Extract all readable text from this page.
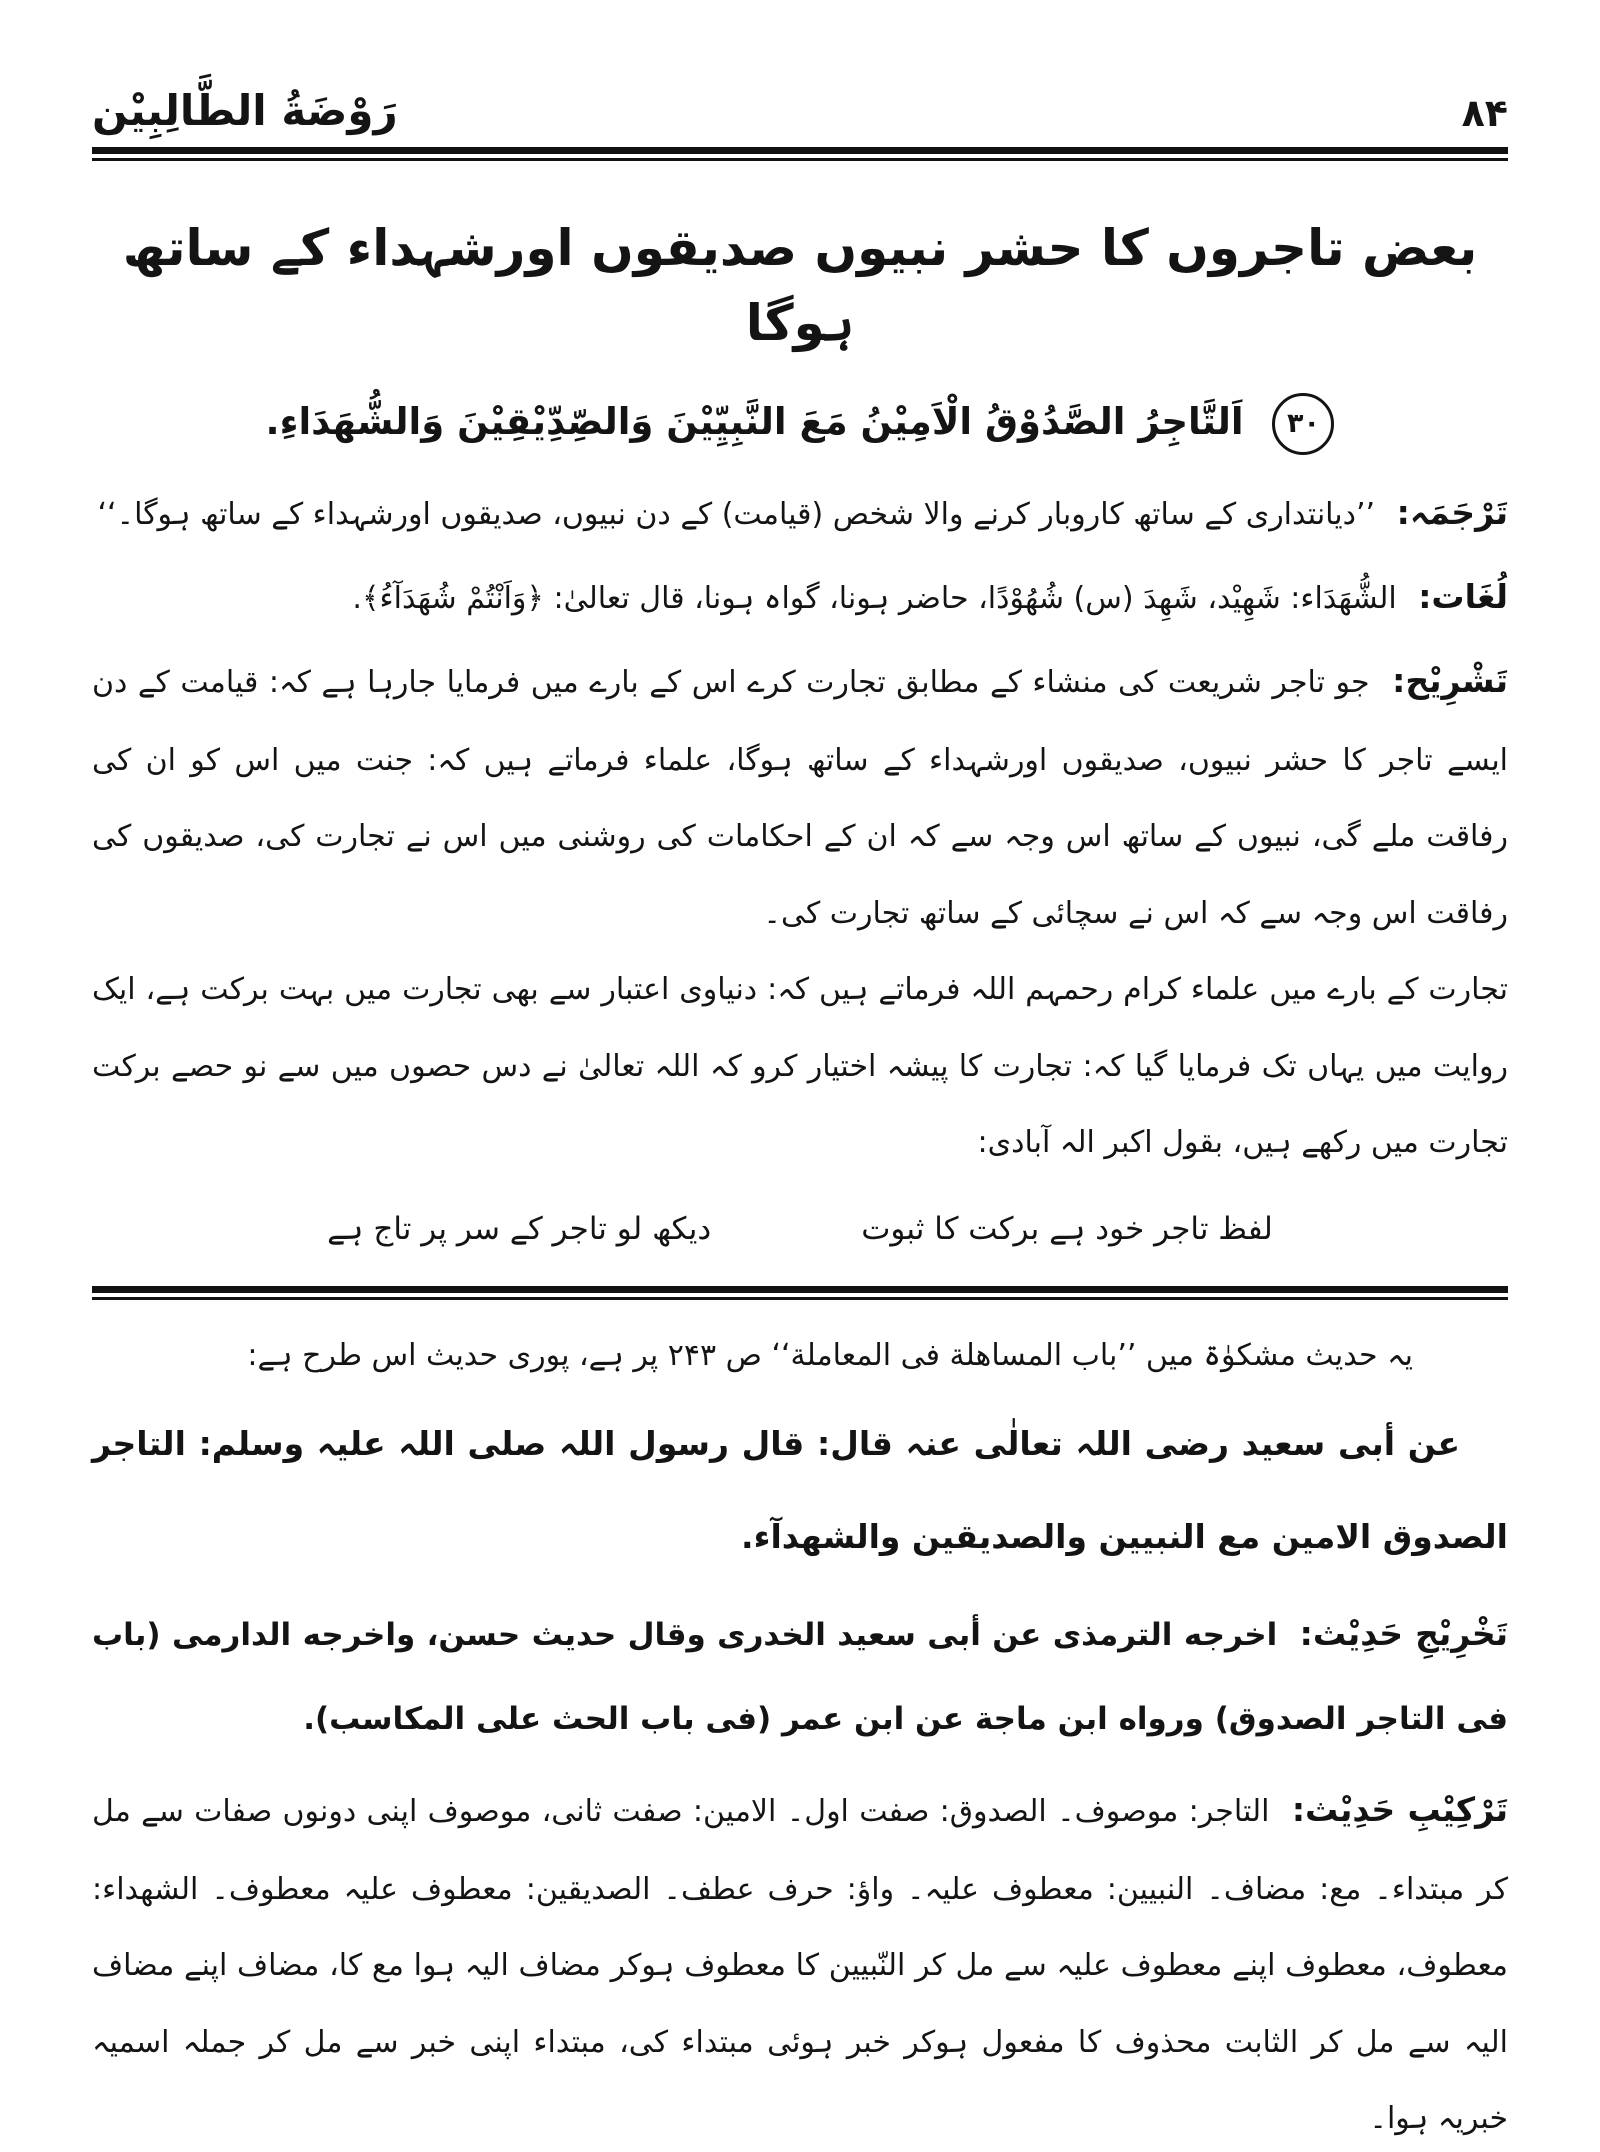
۸۴
رَوْضَةُ الطَّالِبِيْن
بعض تاجروں کا حشر نبیوں صدیقوں اورشہداء کے ساتھ ہوگا
۳۰ اَلتَّاجِرُ الصَّدُوْقُ الْاَمِيْنُ مَعَ النَّبِيِّيْنَ وَالصِّدِّيْقِيْنَ وَالشُّهَدَاءِ.

تَرْجَمَہ: ’’دیانتداری کے ساتھ کاروبار کرنے والا شخص (قیامت) کے دن نبیوں، صدیقوں اورشہداء کے ساتھ ہوگا۔‘‘

لُغَات: الشُّهَدَاء: شَهِيْد، شَهِدَ (س) شُهُوْدًا، حاضر ہونا، گواہ ہونا، قال تعالیٰ: ﴿وَاَنْتُمْ شُهَدَآءُ﴾.

تَشْرِيْح: جو تاجر شریعت کی منشاء کے مطابق تجارت کرے اس کے بارے میں فرمایا جارہا ہے کہ: قیامت کے دن ایسے تاجر کا حشر نبیوں، صدیقوں اورشہداء کے ساتھ ہوگا، علماء فرماتے ہیں کہ: جنت میں اس کو ان کی رفاقت ملے گی، نبیوں کے ساتھ اس وجہ سے کہ ان کے احکامات کی روشنی میں اس نے تجارت کی، صدیقوں کی رفاقت اس وجہ سے کہ اس نے سچائی کے ساتھ تجارت کی۔

تجارت کے بارے میں علماء کرام رحمہم اللہ فرماتے ہیں کہ: دنیاوی اعتبار سے بھی تجارت میں بہت برکت ہے، ایک روایت میں یہاں تک فرمایا گیا کہ: تجارت کا پیشہ اختیار کرو کہ اللہ تعالیٰ نے دس حصوں میں سے نو حصے برکت تجارت میں رکھے ہیں، بقول اکبر الہ آبادی:

لفظ تاجر خود ہے برکت کا ثبوت
دیکھ لو تاجر کے سر پر تاج ہے

یہ حدیث مشکوٰۃ میں ’’باب المساهلة فی المعاملة‘‘ ص ۲۴۳ پر ہے، پوری حدیث اس طرح ہے:

عن أبی سعید رضی اللہ تعالٰی عنہ قال: قال رسول اللہ صلی اللہ علیہ وسلم: التاجر الصدوق الامین مع النبیین والصدیقین والشهدآء.

تَخْرِيْجِ حَدِيْث: اخرجه الترمذی عن أبی سعید الخدری وقال حدیث حسن، واخرجه الدارمی (باب فی التاجر الصدوق) ورواه ابن ماجة عن ابن عمر (فی باب الحث علی المکاسب).

تَرْكِيْبِ حَدِيْث: التاجر: موصوف۔ الصدوق: صفت اول۔ الامین: صفت ثانی، موصوف اپنی دونوں صفات سے مل کر مبتداء۔ مع: مضاف۔ النبیین: معطوف علیہ۔ واؤ: حرف عطف۔ الصدیقین: معطوف علیہ معطوف۔ الشهداء: معطوف، معطوف اپنے معطوف علیہ سے مل کر النّبیین کا معطوف ہوکر مضاف الیہ ہوا مع کا، مضاف اپنے مضاف الیہ سے مل کر الثابت محذوف کا مفعول ہوکر خبر ہوئی مبتداء کی، مبتداء اپنی خبر سے مل کر جملہ اسمیہ خبریہ ہوا۔
